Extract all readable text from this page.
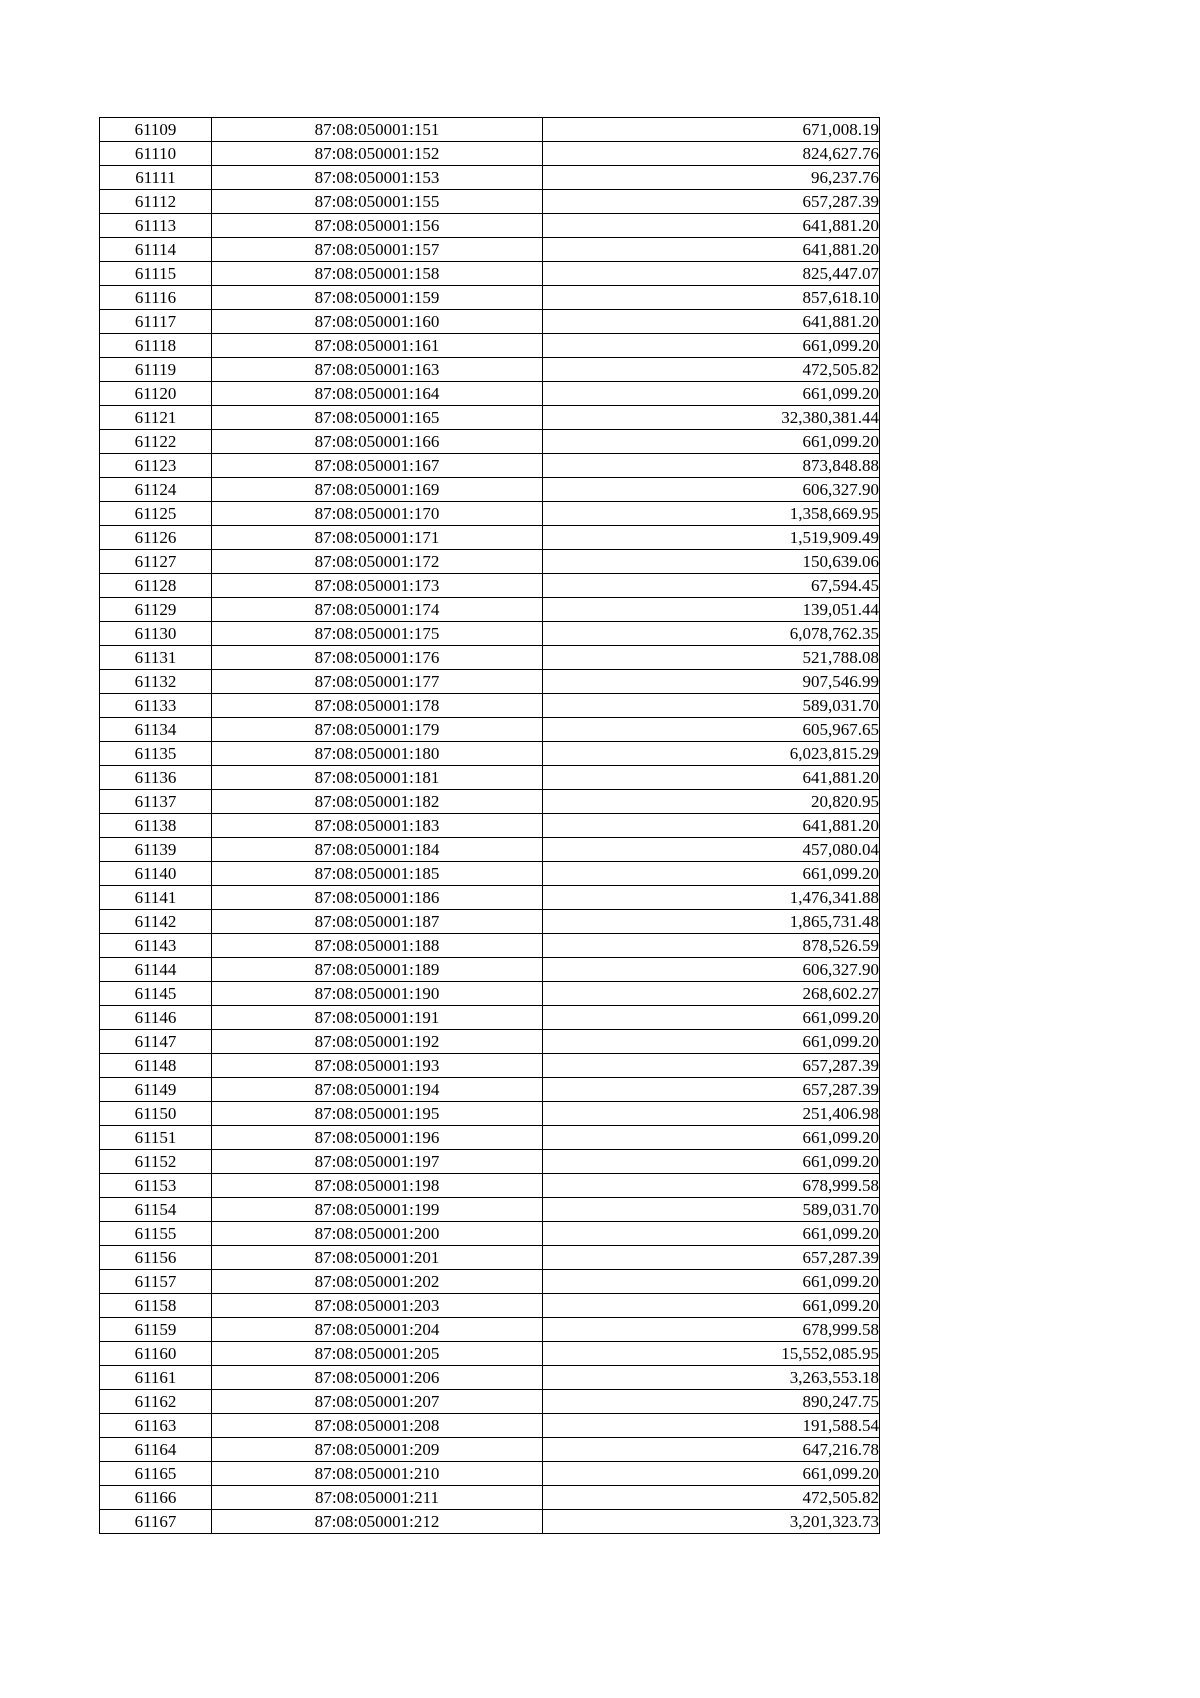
61109	87:08:050001:151	671,008.19
61110	87:08:050001:152	824,627.76
61111	87:08:050001:153	96,237.76
61112	87:08:050001:155	657,287.39
61113	87:08:050001:156	641,881.20
61114	87:08:050001:157	641,881.20
61115	87:08:050001:158	825,447.07
61116	87:08:050001:159	857,618.10
61117	87:08:050001:160	641,881.20
61118	87:08:050001:161	661,099.20
61119	87:08:050001:163	472,505.82
61120	87:08:050001:164	661,099.20
61121	87:08:050001:165	32,380,381.44
61122	87:08:050001:166	661,099.20
61123	87:08:050001:167	873,848.88
61124	87:08:050001:169	606,327.90
61125	87:08:050001:170	1,358,669.95
61126	87:08:050001:171	1,519,909.49
61127	87:08:050001:172	150,639.06
61128	87:08:050001:173	67,594.45
61129	87:08:050001:174	139,051.44
61130	87:08:050001:175	6,078,762.35
61131	87:08:050001:176	521,788.08
61132	87:08:050001:177	907,546.99
61133	87:08:050001:178	589,031.70
61134	87:08:050001:179	605,967.65
61135	87:08:050001:180	6,023,815.29
61136	87:08:050001:181	641,881.20
61137	87:08:050001:182	20,820.95
61138	87:08:050001:183	641,881.20
61139	87:08:050001:184	457,080.04
61140	87:08:050001:185	661,099.20
61141	87:08:050001:186	1,476,341.88
61142	87:08:050001:187	1,865,731.48
61143	87:08:050001:188	878,526.59
61144	87:08:050001:189	606,327.90
61145	87:08:050001:190	268,602.27
61146	87:08:050001:191	661,099.20
61147	87:08:050001:192	661,099.20
61148	87:08:050001:193	657,287.39
61149	87:08:050001:194	657,287.39
61150	87:08:050001:195	251,406.98
61151	87:08:050001:196	661,099.20
61152	87:08:050001:197	661,099.20
61153	87:08:050001:198	678,999.58
61154	87:08:050001:199	589,031.70
61155	87:08:050001:200	661,099.20
61156	87:08:050001:201	657,287.39
61157	87:08:050001:202	661,099.20
61158	87:08:050001:203	661,099.20
61159	87:08:050001:204	678,999.58
61160	87:08:050001:205	15,552,085.95
61161	87:08:050001:206	3,263,553.18
61162	87:08:050001:207	890,247.75
61163	87:08:050001:208	191,588.54
61164	87:08:050001:209	647,216.78
61165	87:08:050001:210	661,099.20
61166	87:08:050001:211	472,505.82
61167	87:08:050001:212	3,201,323.73
